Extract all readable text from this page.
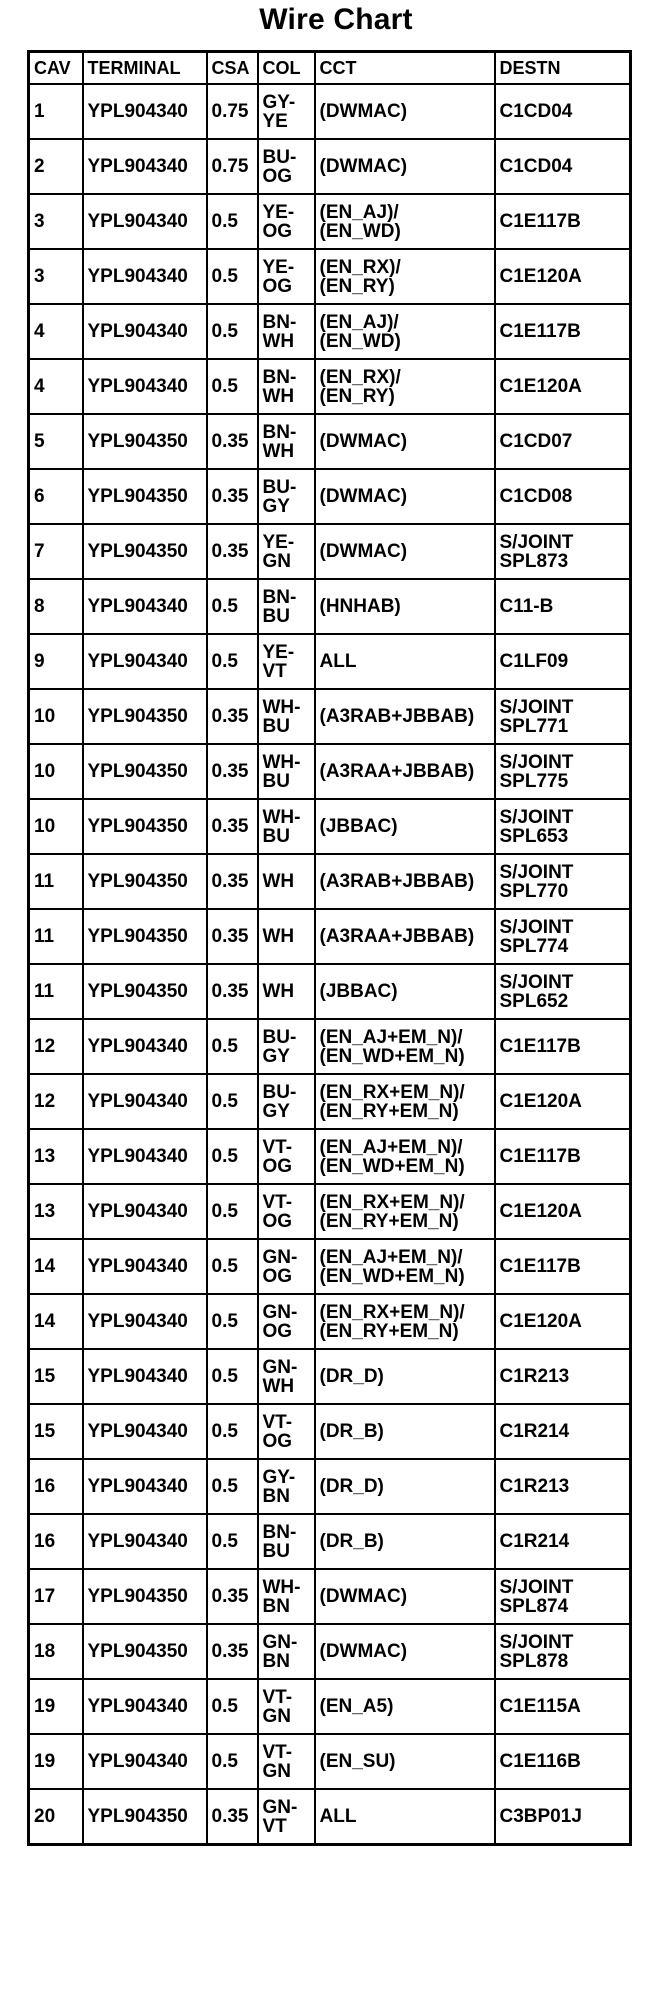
Wire Chart
CAV	TERMINAL	CSA	COL	CCT	DESTN
1	YPL904340	0.75	GY-
YE	(DWMAC)	C1CD04
2	YPL904340	0.75	BU-
OG	(DWMAC)	C1CD04
3	YPL904340	0.5	YE-
OG	(EN_AJ)/
(EN_WD)	C1E117B
3	YPL904340	0.5	YE-
OG	(EN_RX)/
(EN_RY)	C1E120A
4	YPL904340	0.5	BN-
WH	(EN_AJ)/
(EN_WD)	C1E117B
4	YPL904340	0.5	BN-
WH	(EN_RX)/
(EN_RY)	C1E120A
5	YPL904350	0.35	BN-
WH	(DWMAC)	C1CD07
6	YPL904350	0.35	BU-
GY	(DWMAC)	C1CD08
7	YPL904350	0.35	YE-
GN	(DWMAC)	S/JOINT
SPL873
8	YPL904340	0.5	BN-
BU	(HNHAB)	C11-B
9	YPL904340	0.5	YE-
VT	ALL	C1LF09
10	YPL904350	0.35	WH-
BU	(A3RAB+JBBAB)	S/JOINT
SPL771
10	YPL904350	0.35	WH-
BU	(A3RAA+JBBAB)	S/JOINT
SPL775
10	YPL904350	0.35	WH-
BU	(JBBAC)	S/JOINT
SPL653
11	YPL904350	0.35	WH	(A3RAB+JBBAB)	S/JOINT
SPL770
11	YPL904350	0.35	WH	(A3RAA+JBBAB)	S/JOINT
SPL774
11	YPL904350	0.35	WH	(JBBAC)	S/JOINT
SPL652
12	YPL904340	0.5	BU-
GY	(EN_AJ+EM_N)/
(EN_WD+EM_N)	C1E117B
12	YPL904340	0.5	BU-
GY	(EN_RX+EM_N)/
(EN_RY+EM_N)	C1E120A
13	YPL904340	0.5	VT-
OG	(EN_AJ+EM_N)/
(EN_WD+EM_N)	C1E117B
13	YPL904340	0.5	VT-
OG	(EN_RX+EM_N)/
(EN_RY+EM_N)	C1E120A
14	YPL904340	0.5	GN-
OG	(EN_AJ+EM_N)/
(EN_WD+EM_N)	C1E117B
14	YPL904340	0.5	GN-
OG	(EN_RX+EM_N)/
(EN_RY+EM_N)	C1E120A
15	YPL904340	0.5	GN-
WH	(DR_D)	C1R213
15	YPL904340	0.5	VT-
OG	(DR_B)	C1R214
16	YPL904340	0.5	GY-
BN	(DR_D)	C1R213
16	YPL904340	0.5	BN-
BU	(DR_B)	C1R214
17	YPL904350	0.35	WH-
BN	(DWMAC)	S/JOINT
SPL874
18	YPL904350	0.35	GN-
BN	(DWMAC)	S/JOINT
SPL878
19	YPL904340	0.5	VT-
GN	(EN_A5)	C1E115A
19	YPL904340	0.5	VT-
GN	(EN_SU)	C1E116B
20	YPL904350	0.35	GN-
VT	ALL	C3BP01J
